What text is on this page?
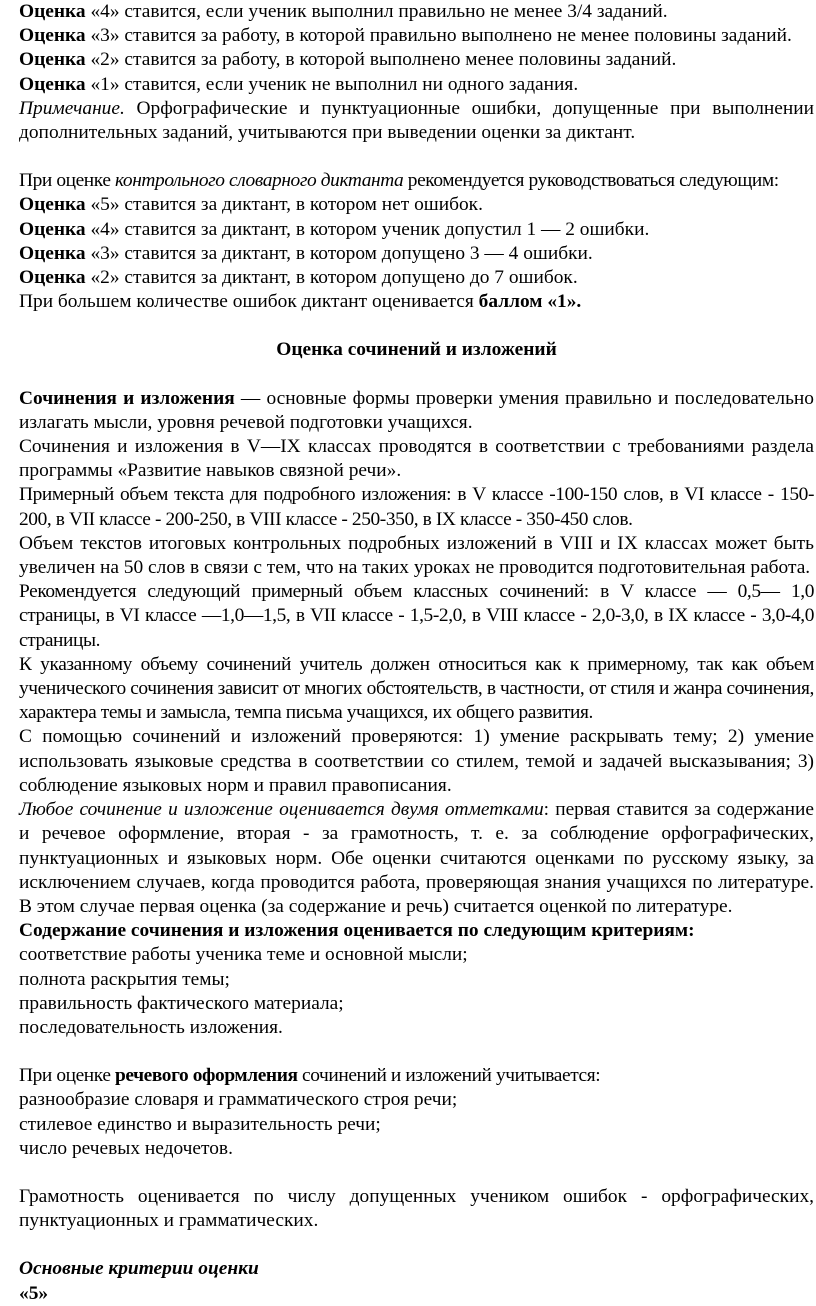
Оценка «4» ставится, если ученик выполнил правильно не менее 3/4 заданий.

Оценка «3» ставится за работу, в которой правильно выполнено не менее половины заданий.

Оценка «2» ставится за работу, в которой выполнено менее половины заданий.

Оценка «1» ставится, если ученик не выполнил ни одного задания.

Примечание. Орфографические и пунктуационные ошибки, допущенные при выполнении дополнительных заданий, учитываются при выведении оценки за диктант.

При оценке контрольного словарного диктанта рекомендуется руководствоваться следующим:

Оценка «5» ставится за диктант, в котором нет ошибок.

Оценка «4» ставится за диктант, в котором ученик допустил 1 — 2 ошибки.

Оценка «3» ставится за диктант, в котором допущено 3 — 4 ошибки.

Оценка «2» ставится за диктант, в котором допущено до 7 ошибок.

При большем количестве ошибок диктант оценивается баллом «1».

Оценка сочинений и изложений

Сочинения и изложения — основные формы проверки умения правильно и последовательно излагать мысли, уровня речевой подготовки учащихся.

Сочинения и изложения в V—IX классах проводятся в соответствии с требованиями раздела программы «Развитие навыков связной речи».

Примерный объем текста для подробного изложения: в V классе -100-150 слов, в VI классе - 150-200, в VII классе - 200-250, в VIII классе - 250-350, в IX классе - 350-450 слов.

Объем текстов итоговых контрольных подробных изложений в VIII и IX классах может быть увеличен на 50 слов в связи с тем, что на таких уроках не проводится подготовительная работа.

Рекомендуется следующий примерный объем классных сочинений: в V классе — 0,5— 1,0 страницы, в VI классе —1,0—1,5, в VII классе - 1,5-2,0, в VIII классе - 2,0-3,0, в IX классе - 3,0-4,0 страницы.

К указанному объему сочинений учитель должен относиться как к примерному, так как объем ученического сочинения зависит от многих обстоятельств, в частности, от стиля и жанра сочинения, характера темы и замысла, темпа письма учащихся, их общего развития.

С помощью сочинений и изложений проверяются: 1) умение раскрывать тему; 2) умение использовать языковые средства в соответствии со стилем, темой и задачей высказывания; 3) соблюдение языковых норм и правил правописания.

Любое сочинение и изложение оценивается двумя отметками: первая ставится за содержание и речевое оформление, вторая - за грамотность, т. е. за соблюдение орфографических, пунктуационных и языковых норм. Обе оценки считаются оценками по русскому языку, за исключением случаев, когда проводится работа, проверяющая знания учащихся по литературе. В этом случае первая оценка (за содержание и речь) считается оценкой по литературе.

Содержание сочинения и изложения оценивается по следующим критериям:

соответствие работы ученика теме и основной мысли;

полнота раскрытия темы;

правильность фактического материала;

последовательность изложения.

При оценке речевого оформления сочинений и изложений учитывается:

разнообразие словаря и грамматического строя речи;

стилевое единство и выразительность речи;

число речевых недочетов.

Грамотность оценивается по числу допущенных учеником ошибок - орфографических, пунктуационных и грамматических.

Основные критерии оценки

«5»
